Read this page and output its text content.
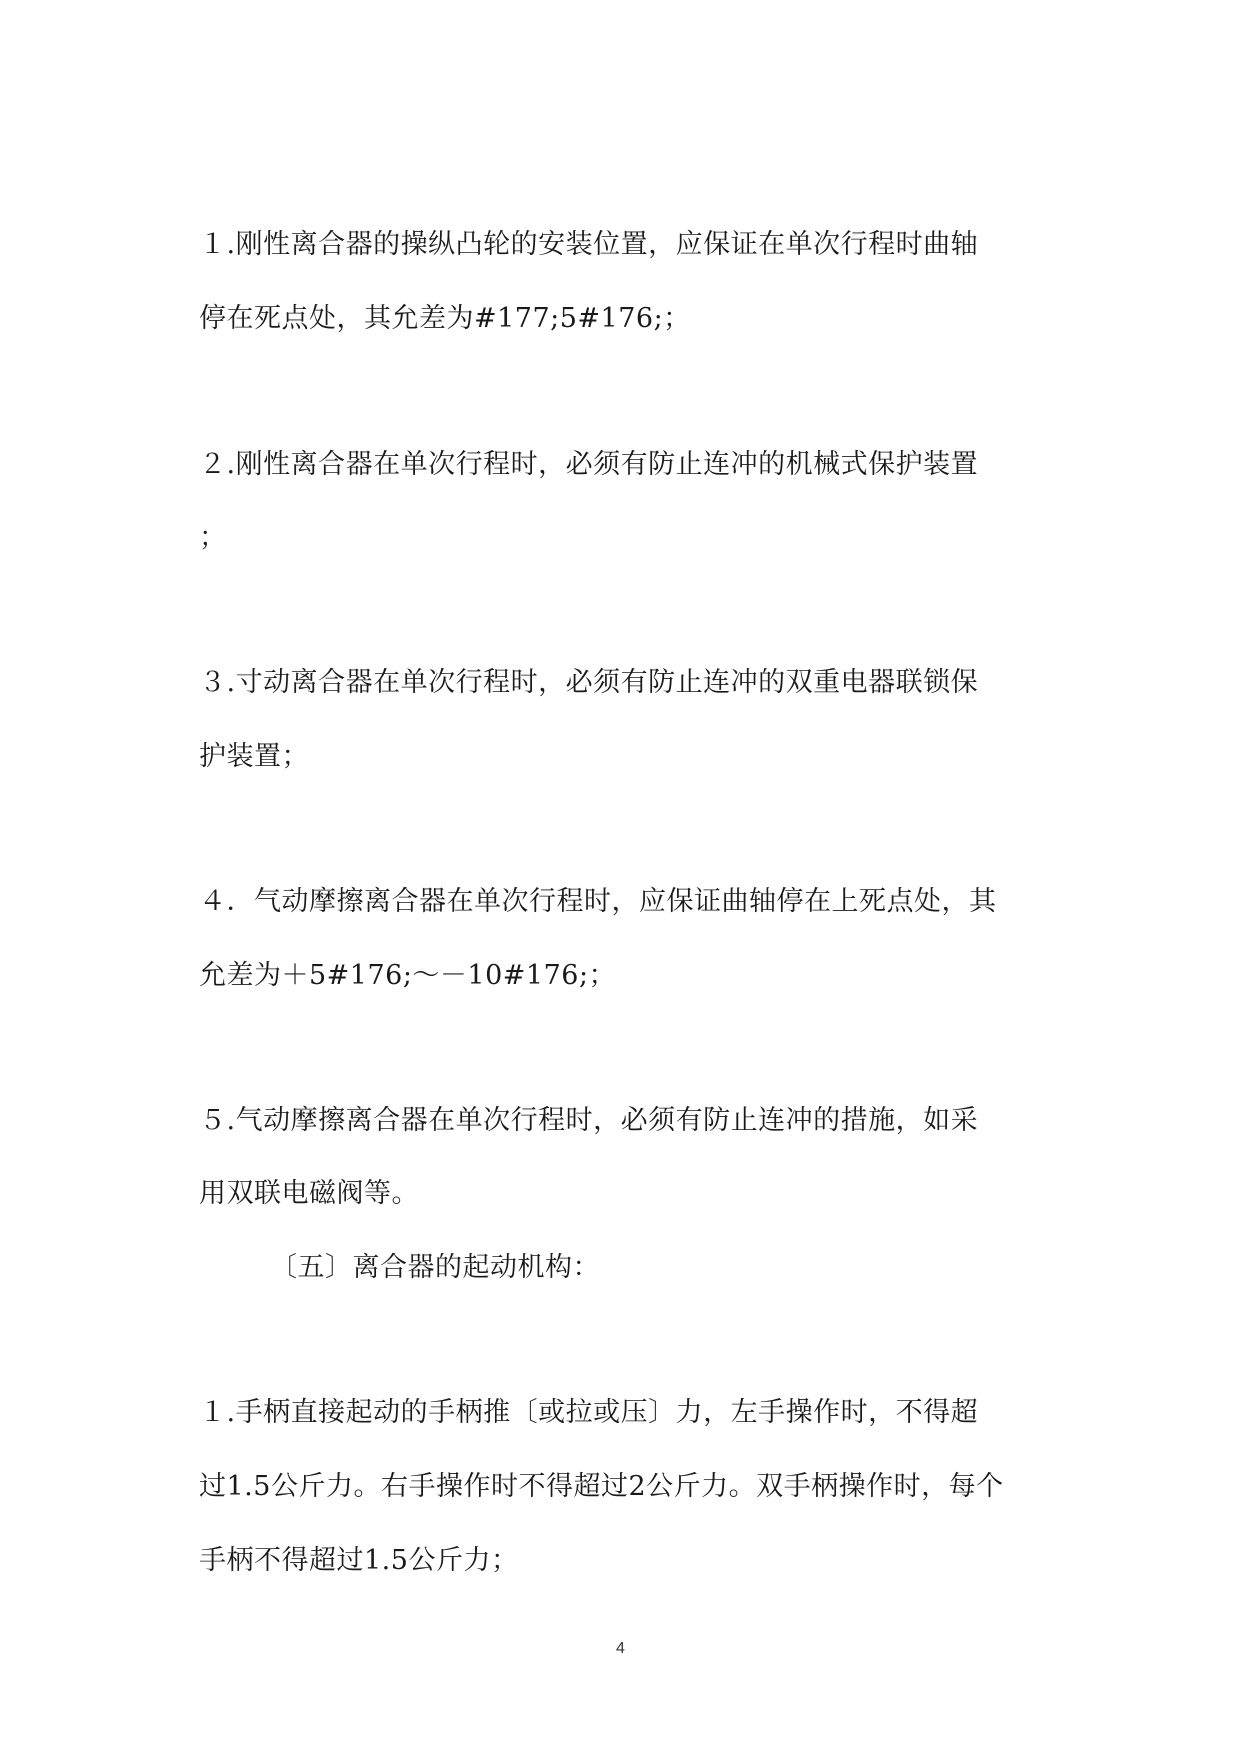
１.刚性离合器的操纵凸轮的安装位置，应保证在单次行程时曲轴
停在死点处，其允差为#177;5#176;；
２.刚性离合器在单次行程时，必须有防止连冲的机械式保护装置
；
３.寸动离合器在单次行程时，必须有防止连冲的双重电器联锁保
护装置；
４．气动摩擦离合器在单次行程时，应保证曲轴停在上死点处，其
允差为＋5#176;～－10#176;；
５.气动摩擦离合器在单次行程时，必须有防止连冲的措施，如采
用双联电磁阀等。
〔五〕离合器的起动机构：
１.手柄直接起动的手柄推〔或拉或压〕力，左手操作时，不得超
过1.5公斤力。右手操作时不得超过2公斤力。双手柄操作时，每个
手柄不得超过1.5公斤力；
4
